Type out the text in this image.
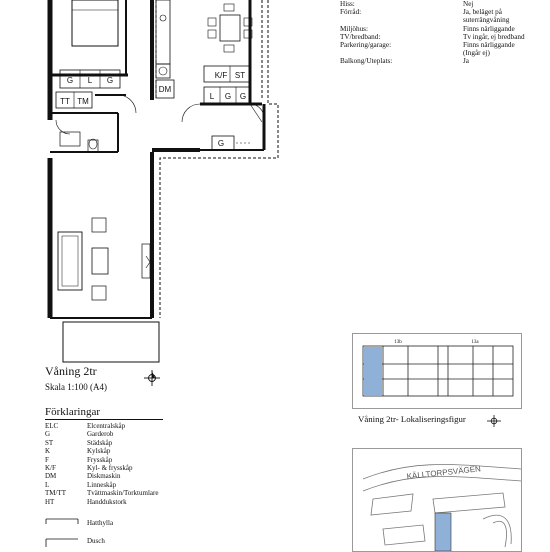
G L G
TT TM
DM
K/F ST
L G G
G
Hiss:	Nej
Förråd:	Ja, beläget på
suterrängvåning
Miljöhus:	Finns närliggande
TV/bredband:	Tv ingår, ej bredband
Parkering/garage:	Finns närliggande
(Ingår ej)
Balkong/Uteplats:	Ja
Våning 2tr
Skala 1:100 (A4)
Förklaringar
ELC	Elcentralskåp
G	Garderob
ST	Städskåp
K	Kylskåp
F	Frysskåp
K/F	Kyl- & frysskåp
DM	Diskmaskin
L	Linneskåp
TM/TT	Tvättmaskin/Torktumlare
HT	Handdukstork
Hatthylla
Dusch
13b	13a
Våning 2tr- Lokaliseringsfigur
KÄLLTORPSVÄGEN
